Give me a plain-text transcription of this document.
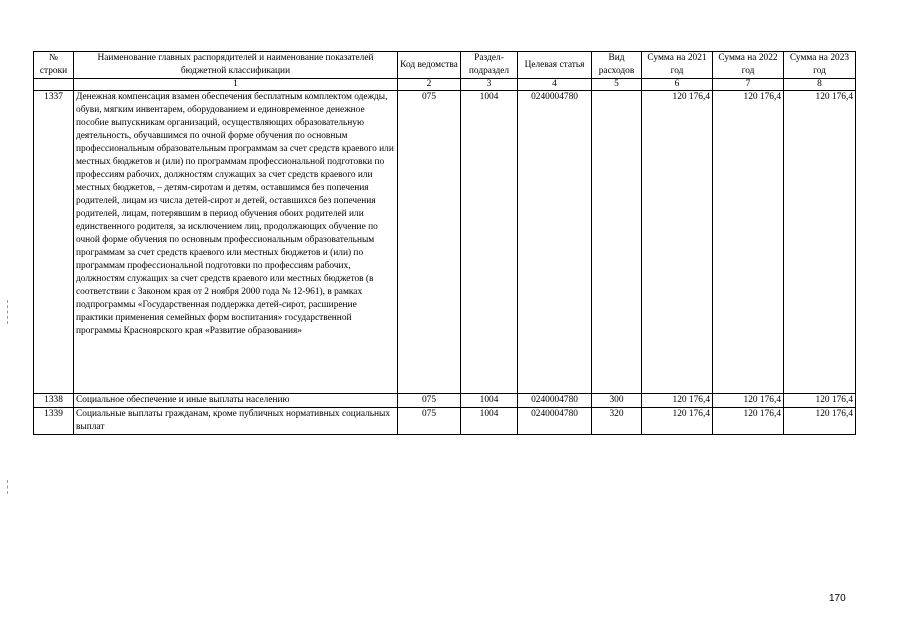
№ строки	Наименование главных распорядителей и наименование показателей бюджетной классификации	Код ведомства	Раздел-подраздел	Целевая статья	Вид расходов	Сумма на 2021 год	Сумма на 2022 год	Сумма на 2023 год
	1	2	3	4	5	6	7	8
1337	Денежная компенсация взамен обеспечения бесплатным комплектом одежды, обуви, мягким инвентарем, оборудованием и единовременное денежное пособие выпускникам организаций, осуществляющих образовательную деятельность, обучавшимся по очной форме обучения по основным профессиональным образовательным программам за счет средств краевого или местных бюджетов и (или) по программам профессиональной подготовки по профессиям рабочих, должностям служащих за счет средств краевого или местных бюджетов, – детям-сиротам и детям, оставшимся без попечения родителей, лицам из числа детей-сирот и детей, оставшихся без попечения родителей, лицам, потерявшим в период обучения обоих родителей или единственного родителя, за исключением лиц, продолжающих обучение по очной форме обучения по основным профессиональным образовательным программам за счет средств краевого или местных бюджетов и (или) по программам профессиональной подготовки по профессиям рабочих, должностям служащих за счет средств краевого или местных бюджетов (в соответствии с Законом края от 2 ноября 2000 года № 12-961), в рамках подпрограммы «Государственная поддержка детей-сирот, расширение практики применения семейных форм воспитания» государственной программы Красноярского края «Развитие образования»	075	1004	0240004780		120 176,4	120 176,4	120 176,4
1338	Социальное обеспечение и иные выплаты населению	075	1004	0240004780	300	120 176,4	120 176,4	120 176,4
1339	Социальные выплаты гражданам, кроме публичных нормативных социальных выплат	075	1004	0240004780	320	120 176,4	120 176,4	120 176,4
170
